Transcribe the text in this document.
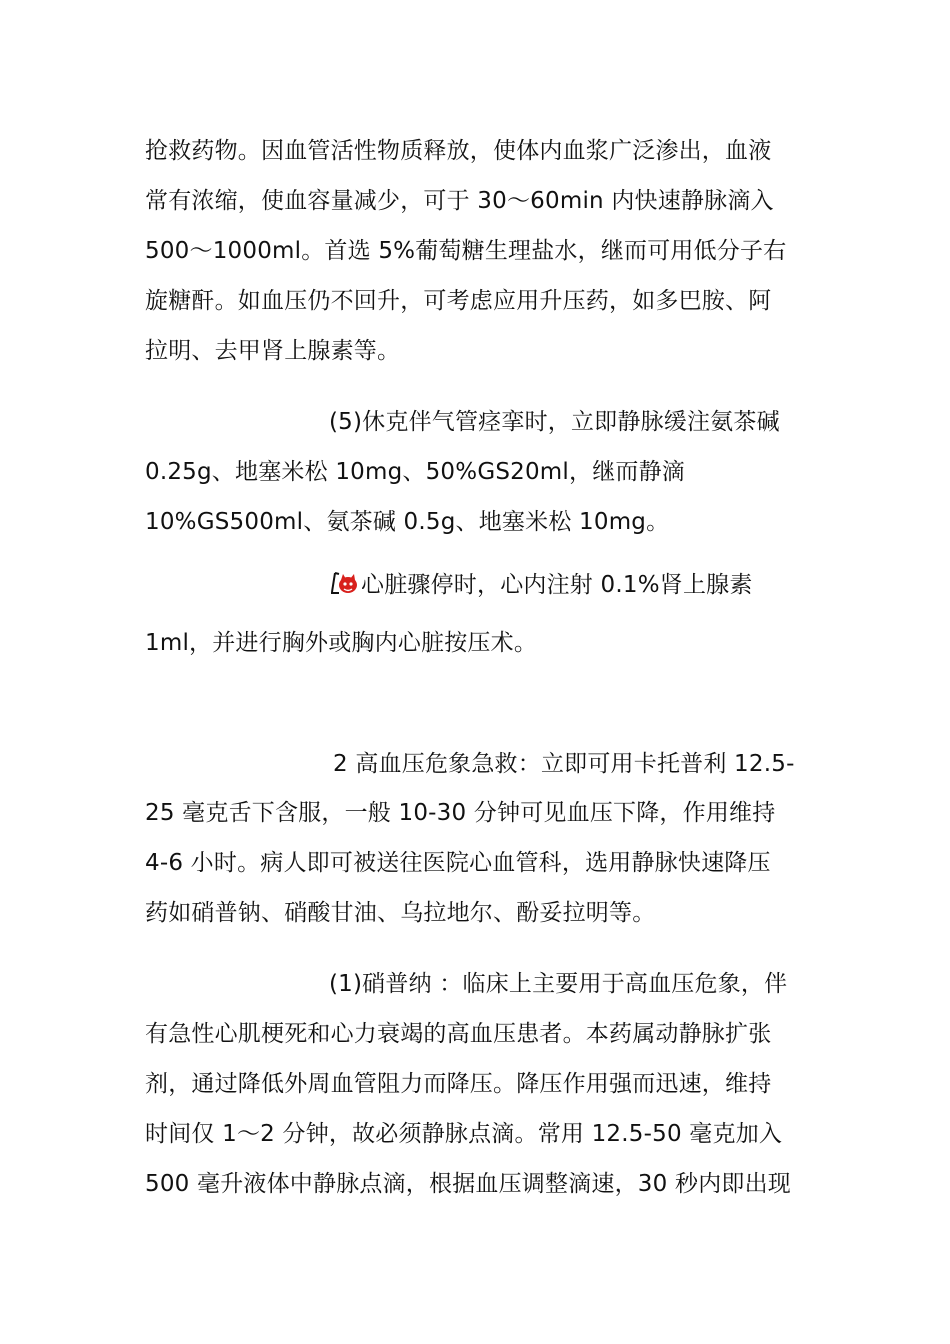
抢救药物。因血管活性物质释放，使体内血浆广泛渗出，血液
常有浓缩，使血容量减少，可于 30～60min 内快速静脉滴入
500～1000ml。首选 5%葡萄糖生理盐水，继而可用低分子右
旋糖酐。如血压仍不回升，可考虑应用升压药，如多巴胺、阿
拉明、去甲肾上腺素等。
(5)休克伴气管痉挛时，立即静脉缓注氨茶碱
0.25g、地塞米松 10mg、50%GS20ml，继而静滴
10%GS500ml、氨茶碱 0.5g、地塞米松 10mg。
心脏骤停时，心内注射 0.1%肾上腺素
1ml，并进行胸外或胸内心脏按压术。
2 高血压危象急救：立即可用卡托普利 12.5-
25 毫克舌下含服，一般 10-30 分钟可见血压下降，作用维持
4-6 小时。病人即可被送往医院心血管科，选用静脉快速降压
药如硝普钠、硝酸甘油、乌拉地尔、酚妥拉明等。
(1)硝普纳 ：临床上主要用于高血压危象，伴
有急性心肌梗死和心力衰竭的高血压患者。本药属动静脉扩张
剂，通过降低外周血管阻力而降压。降压作用强而迅速，维持
时间仅 1～2 分钟，故必须静脉点滴。常用 12.5-50 毫克加入
500 毫升液体中静脉点滴，根据血压调整滴速，30 秒内即出现
